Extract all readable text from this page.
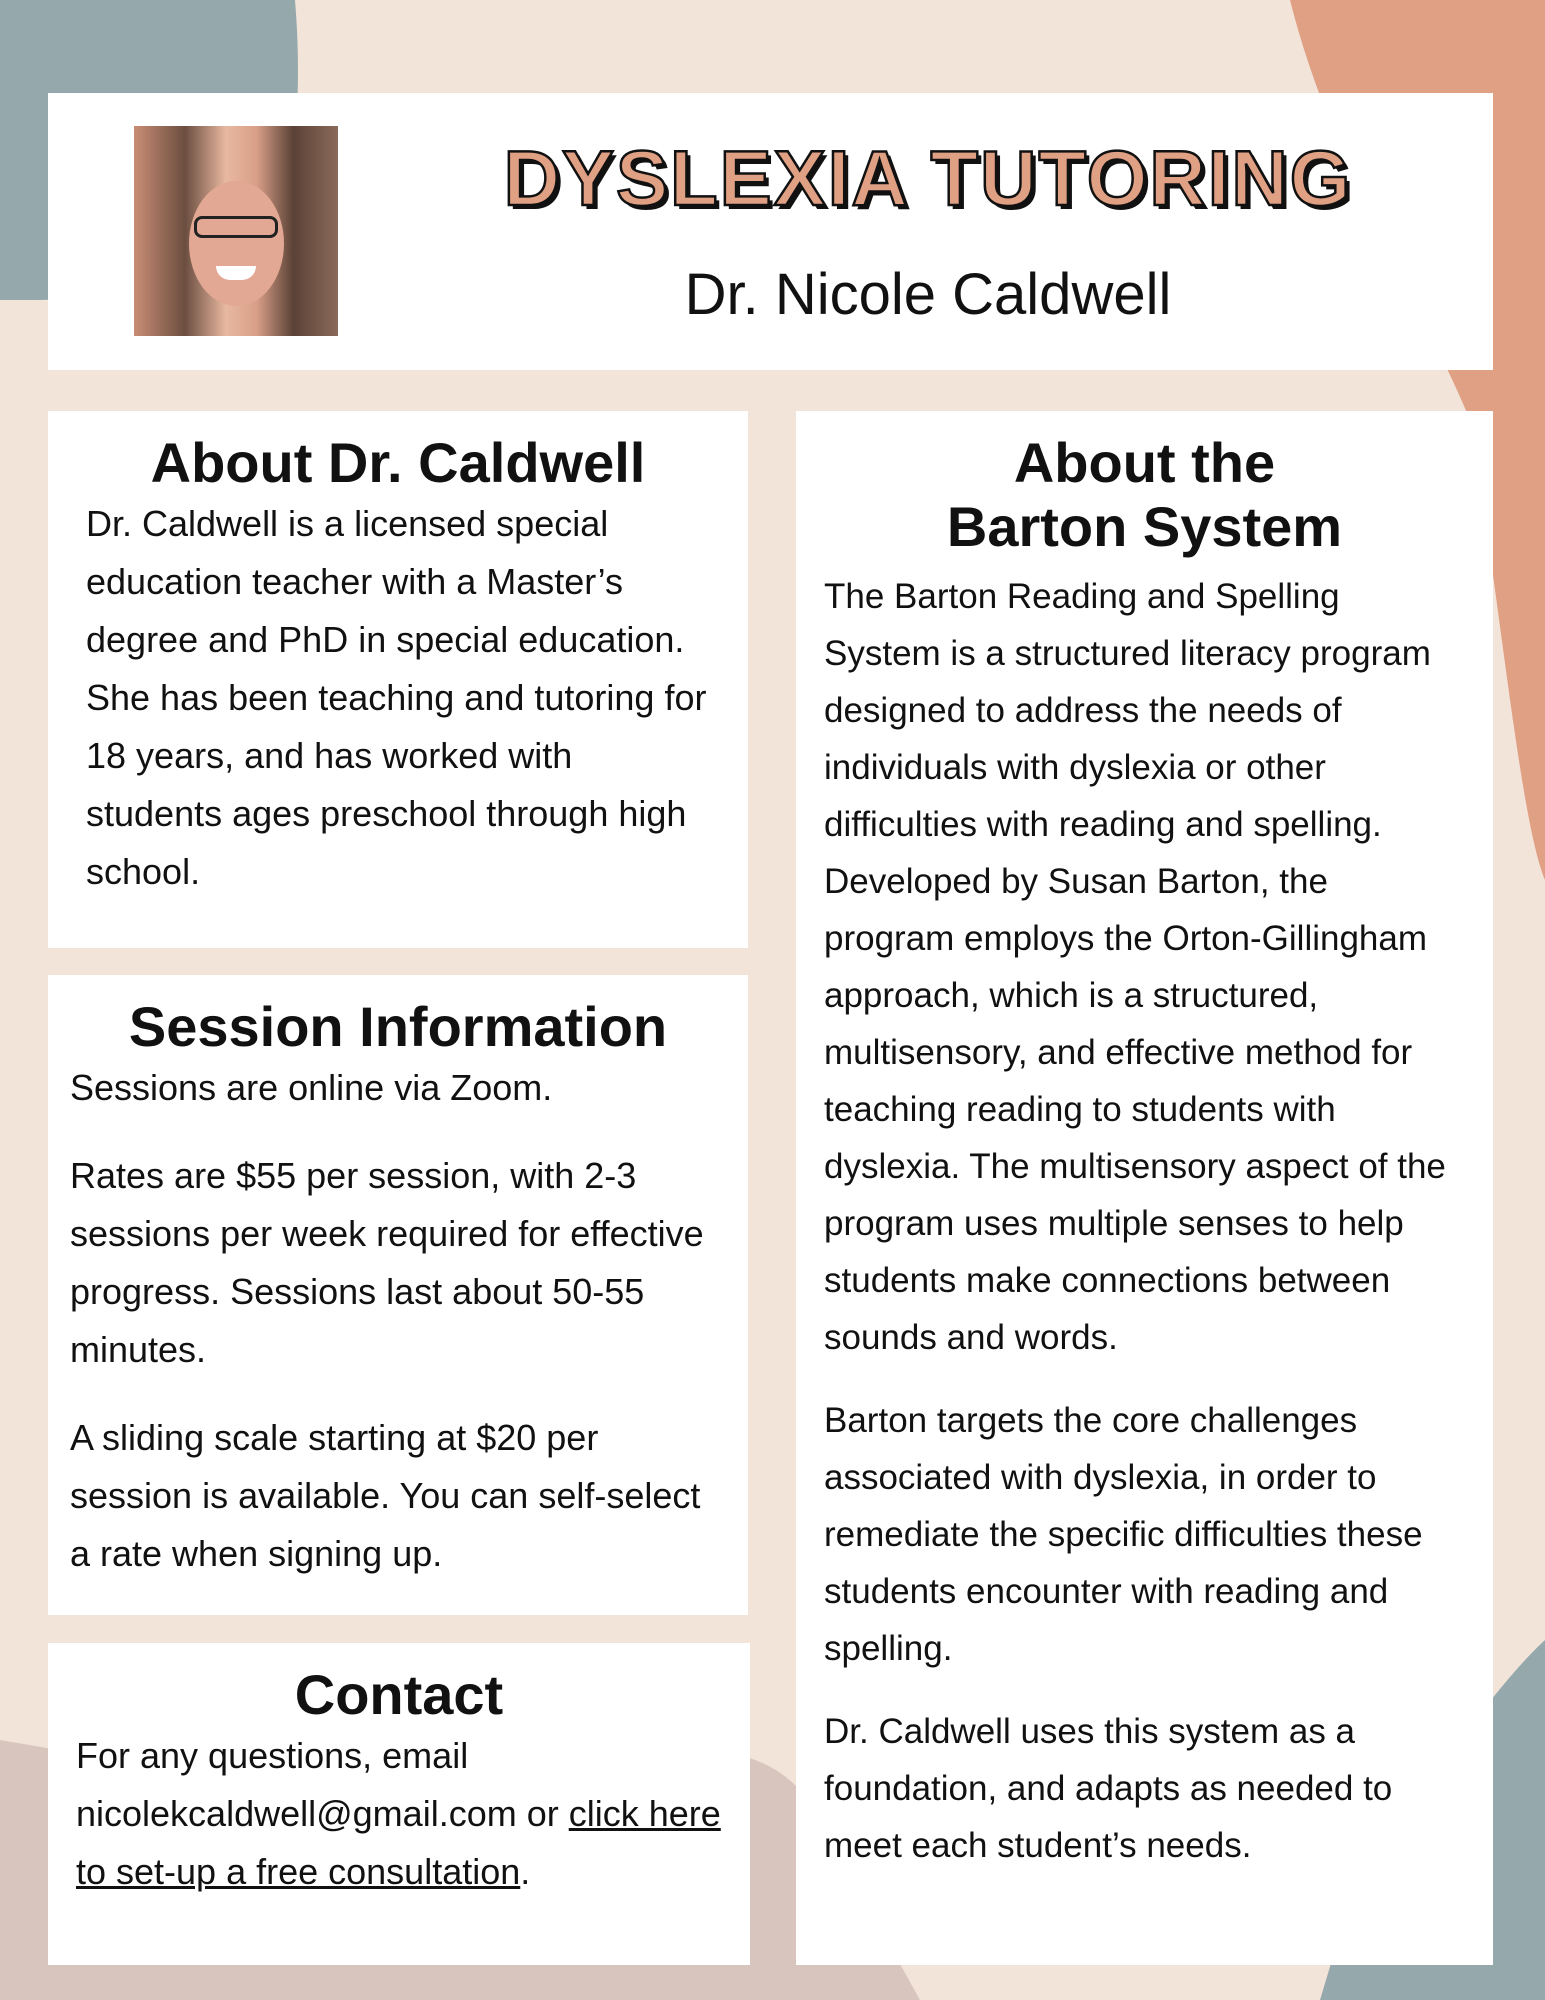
DYSLEXIA TUTORING
Dr. Nicole Caldwell
About Dr. Caldwell

Dr. Caldwell is a licensed special education teacher with a Master’s degree and PhD in special education. She has been teaching and tutoring for 18 years, and has worked with students ages preschool through high school.

Session Information

Sessions are online via Zoom.

Rates are $55 per session, with 2-3 sessions per week required for effective progress. Sessions last about 50-55 minutes.

A sliding scale starting at $20 per session is available. You can self-select a rate when signing up.

Contact

For any questions, email nicolekcaldwell@gmail.com or click here to set-up a free consultation.

About the
Barton System

The Barton Reading and Spelling System is a structured literacy program designed to address the needs of individuals with dyslexia or other difficulties with reading and spelling. Developed by Susan Barton, the program employs the Orton-Gillingham approach, which is a structured, multisensory, and effective method for teaching reading to students with dyslexia. The multisensory aspect of the program uses multiple senses to help students make connections between sounds and words.

Barton targets the core challenges associated with dyslexia, in order to remediate the specific difficulties these students encounter with reading and spelling.

Dr. Caldwell uses this system as a foundation, and adapts as needed to meet each student’s needs.
